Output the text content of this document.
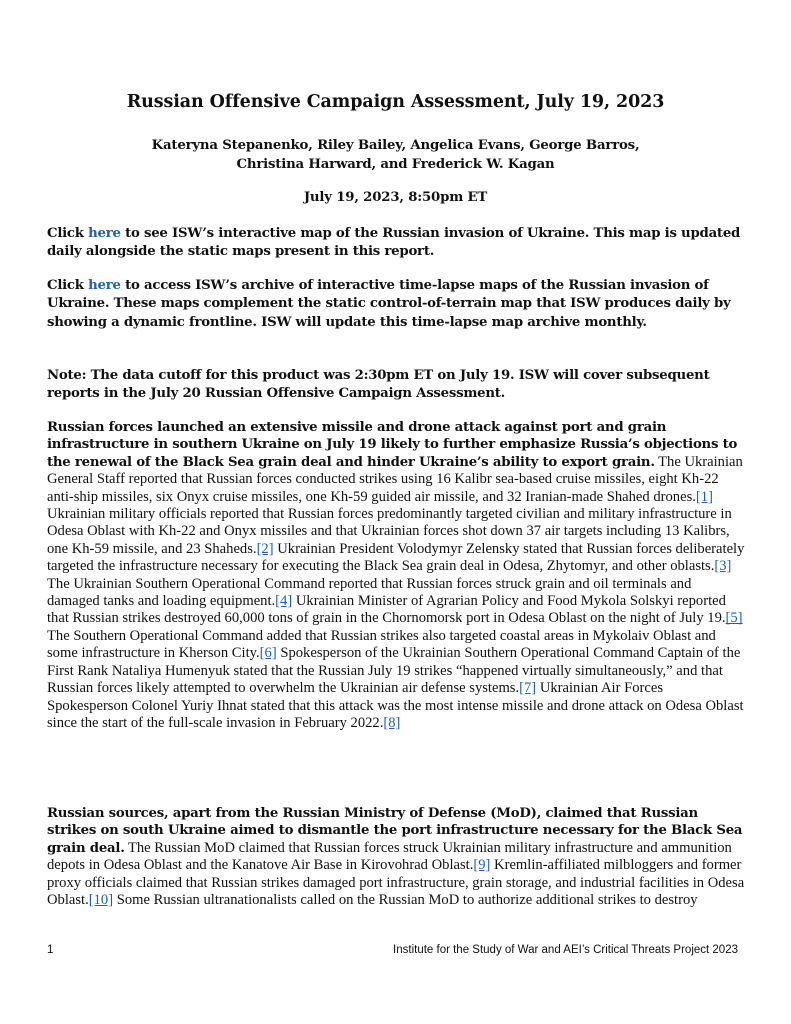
Russian Offensive Campaign Assessment, July 19, 2023
Kateryna Stepanenko, Riley Bailey, Angelica Evans, George Barros,
Christina Harward, and Frederick W. Kagan
July 19, 2023, 8:50pm ET
Click here to see ISW’s interactive map of the Russian invasion of Ukraine. This map is updated daily alongside the static maps present in this report.
Click here to access ISW’s archive of interactive time-lapse maps of the Russian invasion of Ukraine. These maps complement the static control-of-terrain map that ISW produces daily by showing a dynamic frontline. ISW will update this time-lapse map archive monthly.
Note: The data cutoff for this product was 2:30pm ET on July 19. ISW will cover subsequent reports in the July 20 Russian Offensive Campaign Assessment.
Russian forces launched an extensive missile and drone attack against port and grain infrastructure in southern Ukraine on July 19 likely to further emphasize Russia’s objections to the renewal of the Black Sea grain deal and hinder Ukraine’s ability to export grain. The Ukrainian General Staff reported that Russian forces conducted strikes using 16 Kalibr sea-based cruise missiles, eight Kh-22 anti-ship missiles, six Onyx cruise missiles, one Kh-59 guided air missile, and 32 Iranian-made Shahed drones.[1] Ukrainian military officials reported that Russian forces predominantly targeted civilian and military infrastructure in Odesa Oblast with Kh-22 and Onyx missiles and that Ukrainian forces shot down 37 air targets including 13 Kalibrs, one Kh-59 missile, and 23 Shaheds.[2] Ukrainian President Volodymyr Zelensky stated that Russian forces deliberately targeted the infrastructure necessary for executing the Black Sea grain deal in Odesa, Zhytomyr, and other oblasts.[3] The Ukrainian Southern Operational Command reported that Russian forces struck grain and oil terminals and damaged tanks and loading equipment.[4] Ukrainian Minister of Agrarian Policy and Food Mykola Solskyi reported that Russian strikes destroyed 60,000 tons of grain in the Chornomorsk port in Odesa Oblast on the night of July 19.[5] The Southern Operational Command added that Russian strikes also targeted coastal areas in Mykolaiv Oblast and some infrastructure in Kherson City.[6] Spokesperson of the Ukrainian Southern Operational Command Captain of the First Rank Nataliya Humenyuk stated that the Russian July 19 strikes “happened virtually simultaneously,” and that Russian forces likely attempted to overwhelm the Ukrainian air defense systems.[7] Ukrainian Air Forces Spokesperson Colonel Yuriy Ihnat stated that this attack was the most intense missile and drone attack on Odesa Oblast since the start of the full-scale invasion in February 2022.[8]
Russian sources, apart from the Russian Ministry of Defense (MoD), claimed that Russian strikes on south Ukraine aimed to dismantle the port infrastructure necessary for the Black Sea grain deal. The Russian MoD claimed that Russian forces struck Ukrainian military infrastructure and ammunition depots in Odesa Oblast and the Kanatove Air Base in Kirovohrad Oblast.[9] Kremlin-affiliated milbloggers and former proxy officials claimed that Russian strikes damaged port infrastructure, grain storage, and industrial facilities in Odesa Oblast.[10] Some Russian ultranationalists called on the Russian MoD to authorize additional strikes to destroy
1	Institute for the Study of War and AEI’s Critical Threats Project 2023
